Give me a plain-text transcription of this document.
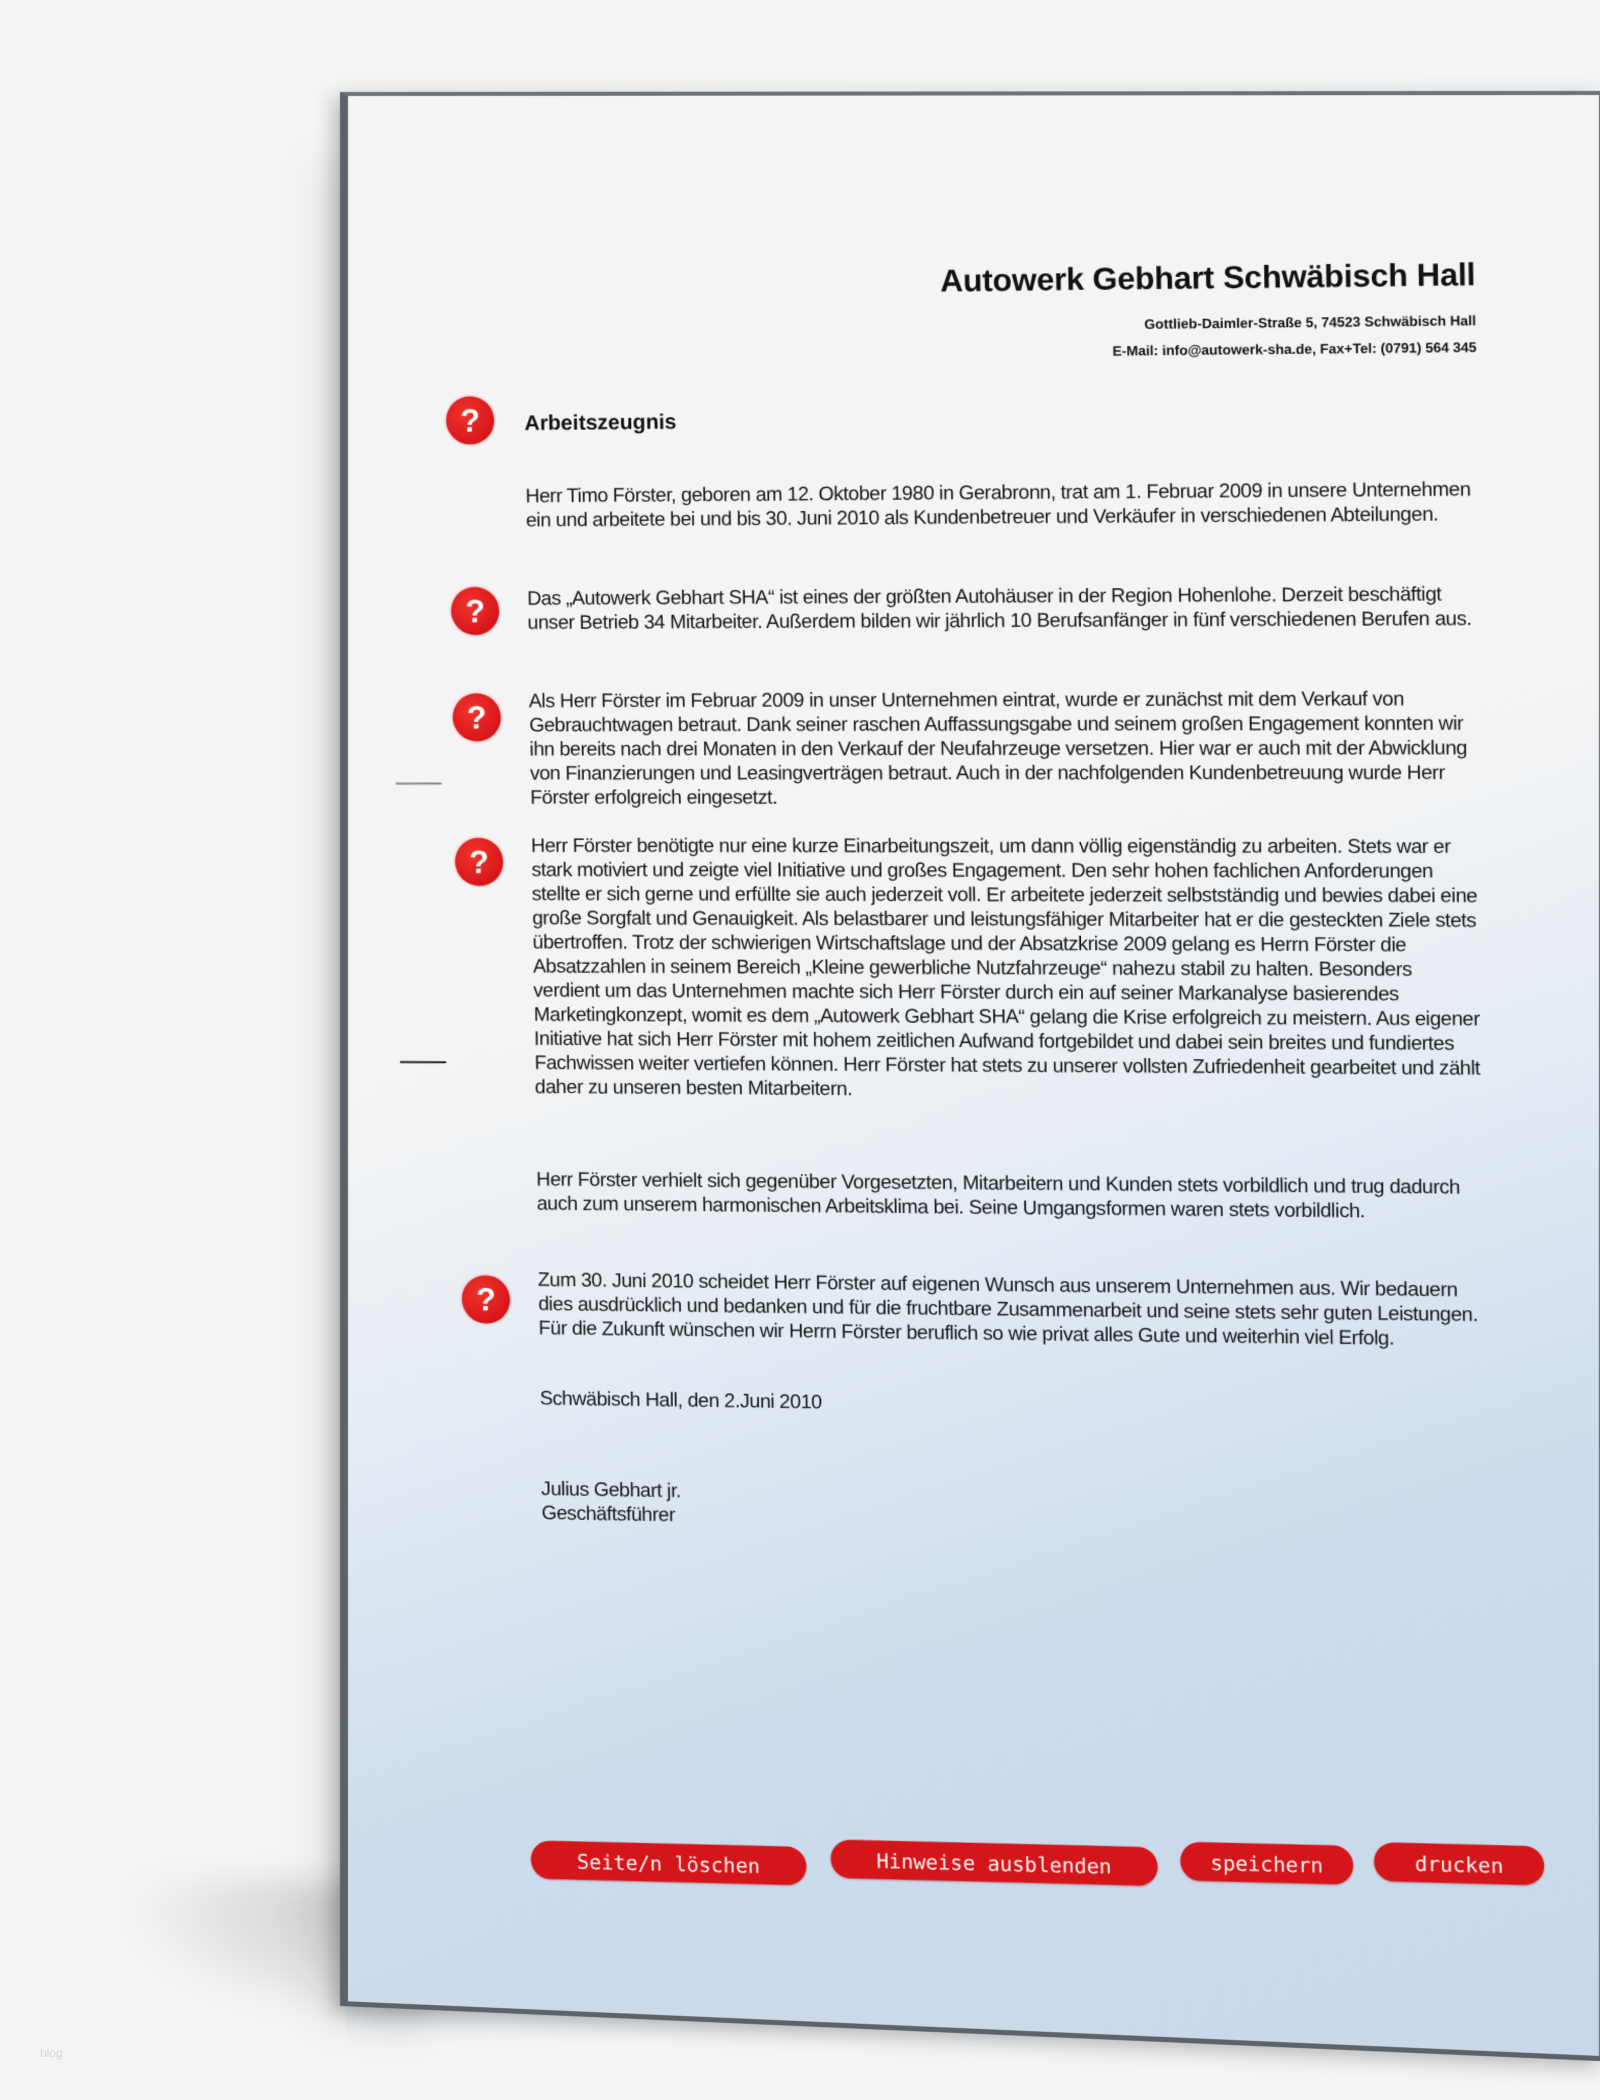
Autowerk Gebhart Schwäbisch Hall
Gottlieb-Daimler-Straße 5, 74523 Schwäbisch Hall
E-Mail: info@autowerk-sha.de, Fax+Tel: (0791) 564 345
?	Arbeitszeugnis
Herr Timo Förster, geboren am 12. Oktober 1980 in Gerabronn, trat am 1. Februar 2009 in unsere Unternehmen ein und arbeitete bei und bis 30. Juni 2010 als Kundenbetreuer und Verkäufer in verschiedenen Abteilungen.
?	Das „Autowerk Gebhart SHA“ ist eines der größten Autohäuser in der Region Hohenlohe. Derzeit beschäftigt unser Betrieb 34 Mitarbeiter. Außerdem bilden wir jährlich 10 Berufsanfänger in fünf verschiedenen Berufen aus.
?	Als Herr Förster im Februar 2009 in unser Unternehmen eintrat, wurde er zunächst mit dem Verkauf von Gebrauchtwagen betraut. Dank seiner raschen Auffassungsgabe und seinem großen Engagement konnten wir ihn bereits nach drei Monaten in den Verkauf der Neufahrzeuge versetzen. Hier war er auch mit der Abwicklung von Finanzierungen und Leasingverträgen betraut. Auch in der nachfolgenden Kundenbetreuung wurde Herr Förster erfolgreich eingesetzt.
?	Herr Förster benötigte nur eine kurze Einarbeitungszeit, um dann völlig eigenständig zu arbeiten. Stets war er stark motiviert und zeigte viel Initiative und großes Engagement. Den sehr hohen fachlichen Anforderungen stellte er sich gerne und erfüllte sie auch jederzeit voll. Er arbeitete jederzeit selbstständig und bewies dabei eine große Sorgfalt und Genauigkeit. Als belastbarer und leistungsfähiger Mitarbeiter hat er die gesteckten Ziele stets übertroffen. Trotz der schwierigen Wirtschaftslage und der Absatzkrise 2009 gelang es Herrn Förster die Absatzzahlen in seinem Bereich „Kleine gewerbliche Nutzfahrzeuge“ nahezu stabil zu halten. Besonders verdient um das Unternehmen machte sich Herr Förster durch ein auf seiner Markanalyse basierendes Marketingkonzept, womit es dem „Autowerk Gebhart SHA“ gelang die Krise erfolgreich zu meistern. Aus eigener Initiative hat sich Herr Förster mit hohem zeitlichen Aufwand fortgebildet und dabei sein breites und fundiertes Fachwissen weiter vertiefen können. Herr Förster hat stets zu unserer vollsten Zufriedenheit gearbeitet und zählt daher zu unseren besten Mitarbeitern.
Herr Förster verhielt sich gegenüber Vorgesetzten, Mitarbeitern und Kunden stets vorbildlich und trug dadurch auch zum unserem harmonischen Arbeitsklima bei. Seine Umgangsformen waren stets vorbildlich.
?	Zum 30. Juni 2010 scheidet Herr Förster auf eigenen Wunsch aus unserem Unternehmen aus. Wir bedauern dies ausdrücklich und bedanken und für die fruchtbare Zusammenarbeit und seine stets sehr guten Leistungen. Für die Zukunft wünschen wir Herrn Förster beruflich so wie privat alles Gute und weiterhin viel Erfolg.
Schwäbisch Hall, den 2.Juni 2010
Julius Gebhart jr.
Geschäftsführer
Seite/n löschen	Hinweise ausblenden	speichern	drucken
blog
